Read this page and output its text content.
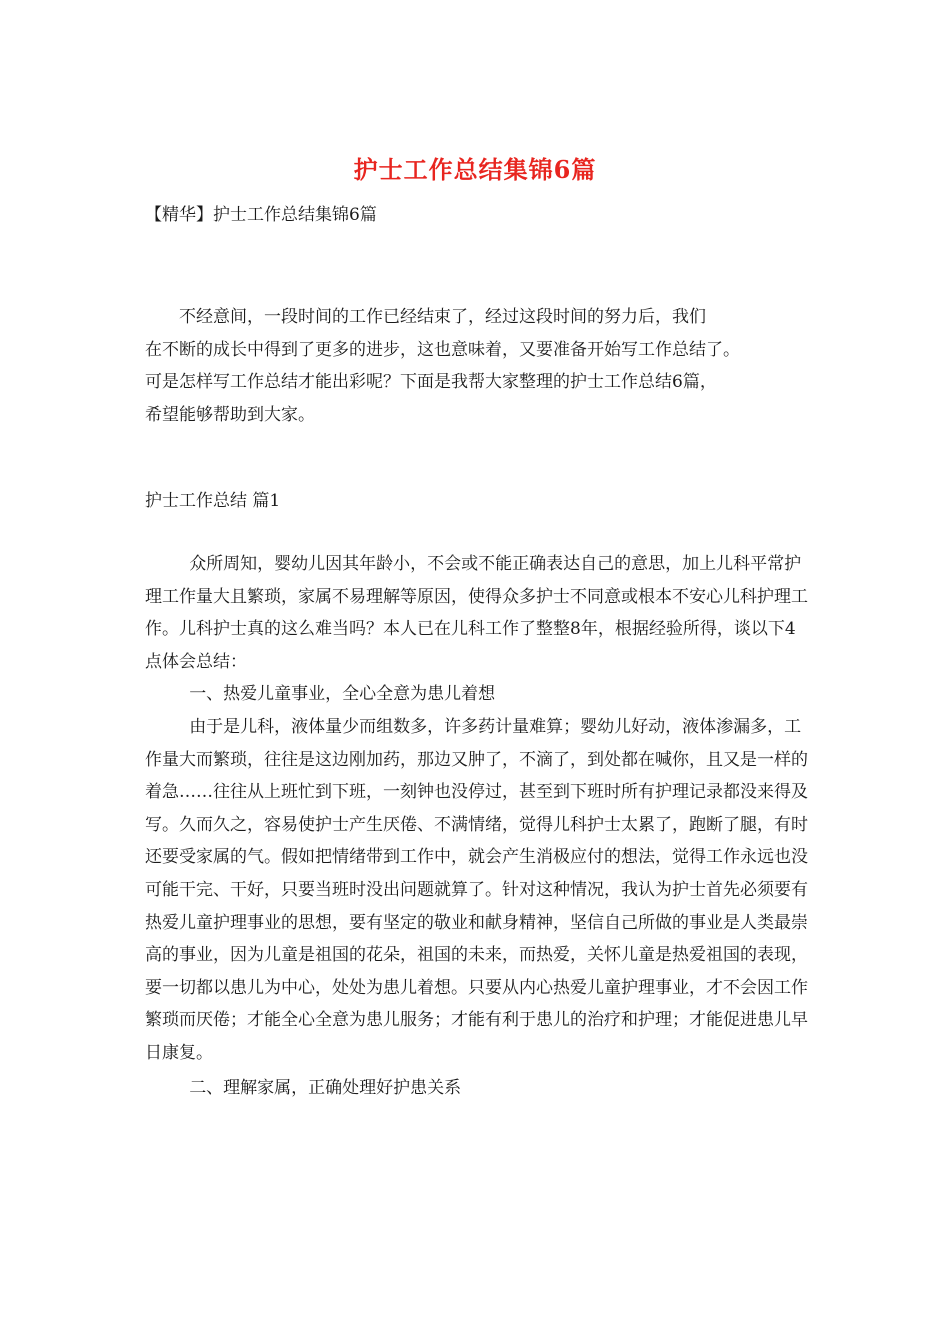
护士工作总结集锦6篇
【精华】护士工作总结集锦6篇

　　不经意间，一段时间的工作已经结束了，经过这段时间的努力后，我们

在不断的成长中得到了更多的进步，这也意味着，又要准备开始写工作总结了。

可是怎样写工作总结才能出彩呢？下面是我帮大家整理的护士工作总结6篇，

希望能够帮助到大家。

护士工作总结 篇1

众所周知，婴幼儿因其年龄小，不会或不能正确表达自己的意思，加上儿科平常护理工作量大且繁琐，家属不易理解等原因，使得众多护士不同意或根本不安心儿科护理工作。儿科护士真的这么难当吗？本人已在儿科工作了整整8年，根据经验所得，谈以下4点体会总结：

一、热爱儿童事业，全心全意为患儿着想

由于是儿科，液体量少而组数多，许多药计量难算；婴幼儿好动，液体渗漏多，工作量大而繁琐，往往是这边刚加药，那边又肿了，不滴了，到处都在喊你，且又是一样的着急……往往从上班忙到下班，一刻钟也没停过，甚至到下班时所有护理记录都没来得及写。久而久之，容易使护士产生厌倦、不满情绪，觉得儿科护士太累了，跑断了腿，有时还要受家属的气。假如把情绪带到工作中，就会产生消极应付的想法，觉得工作永远也没可能干完、干好，只要当班时没出问题就算了。针对这种情况，我认为护士首先必须要有热爱儿童护理事业的思想，要有坚定的敬业和献身精神，坚信自己所做的事业是人类最崇高的事业，因为儿童是祖国的花朵，祖国的未来，而热爱，关怀儿童是热爱祖国的表现，要一切都以患儿为中心，处处为患儿着想。只要从内心热爱儿童护理事业，才不会因工作繁琐而厌倦；才能全心全意为患儿服务；才能有利于患儿的治疗和护理；才能促进患儿早日康复。

二、理解家属，正确处理好护患关系
